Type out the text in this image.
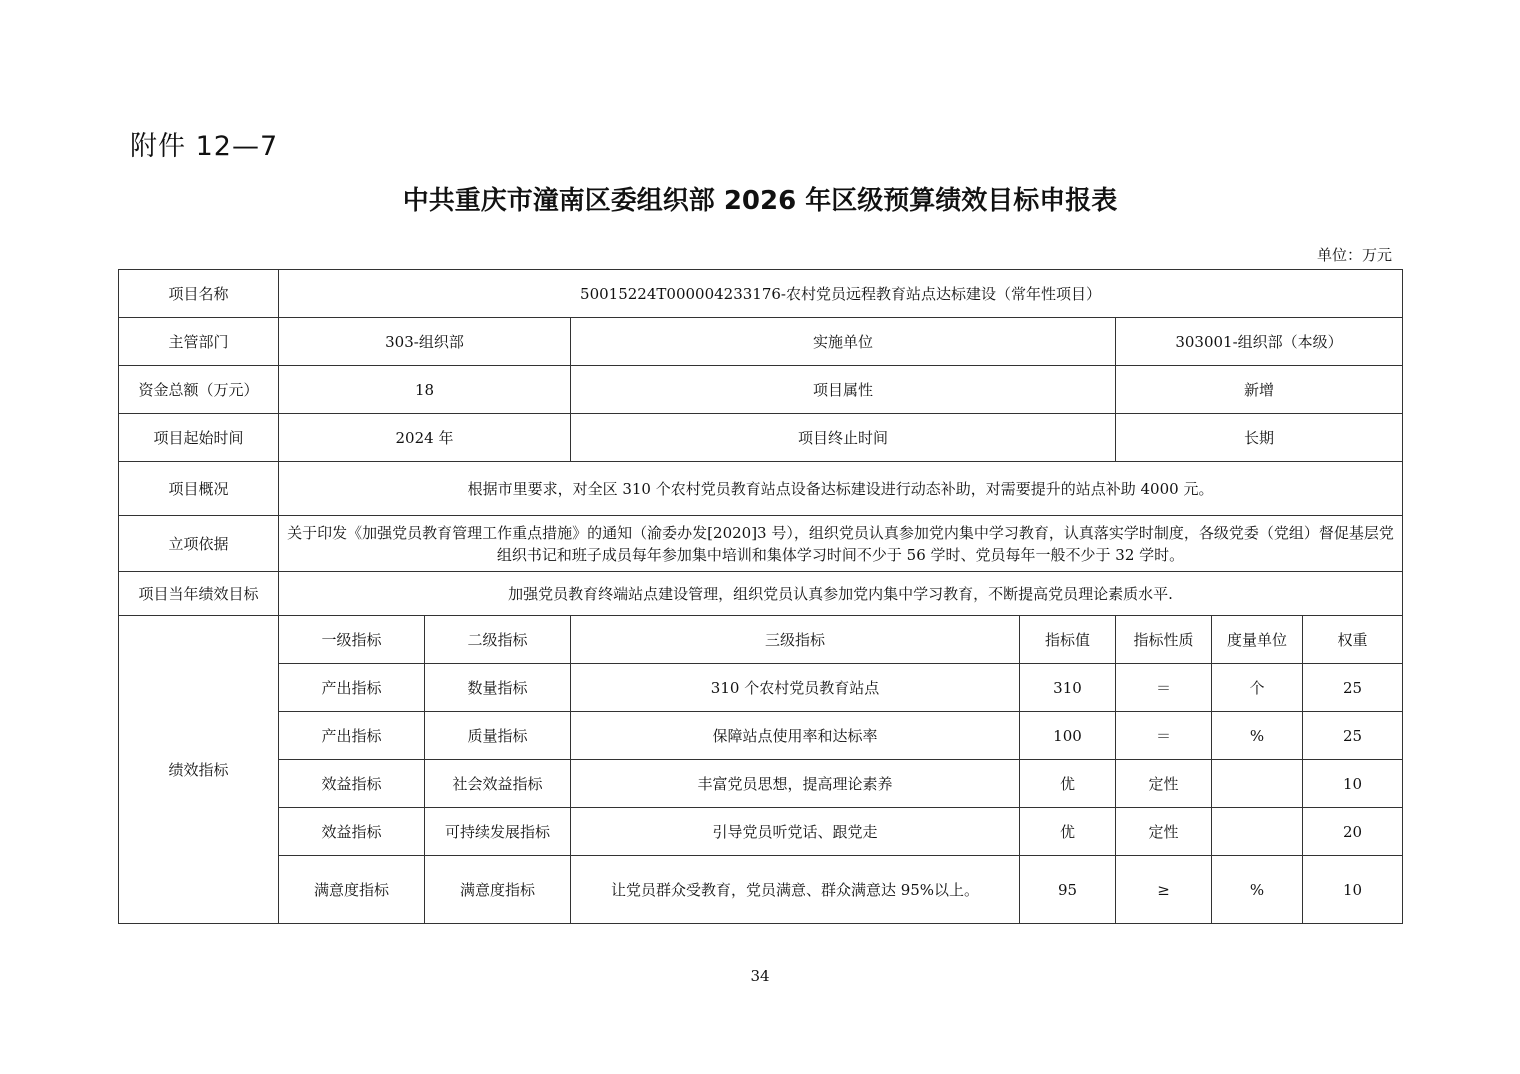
附件 12—7
中共重庆市潼南区委组织部 2026 年区级预算绩效目标申报表
单位：万元
项目名称	50015224T000004233176-农村党员远程教育站点达标建设（常年性项目）						
主管部门	303-组织部		实施单位		303001-组织部（本级）		
资金总额（万元）	18		项目属性		新增		
项目起始时间	2024 年		项目终止时间		长期		
项目概况	根据市里要求，对全区 310 个农村党员教育站点设备达标建设进行动态补助，对需要提升的站点补助 4000 元。						
立项依据	关于印发《加强党员教育管理工作重点措施》的通知（渝委办发[2020]3 号），组织党员认真参加党内集中学习教育，认真落实学时制度，各级党委（党组）督促基层党组织书记和班子成员每年参加集中培训和集体学习时间不少于 56 学时、党员每年一般不少于 32 学时。						
项目当年绩效目标	加强党员教育终端站点建设管理，组织党员认真参加党内集中学习教育，不断提高党员理论素质水平.						
绩效指标	一级指标	二级指标	三级指标	指标值	指标性质	度量单位	权重
	产出指标	数量指标	310 个农村党员教育站点	310	＝	个	25
	产出指标	质量指标	保障站点使用率和达标率	100	＝	%	25
	效益指标	社会效益指标	丰富党员思想，提高理论素养	优	定性		10
	效益指标	可持续发展指标	引导党员听党话、跟党走	优	定性		20
	满意度指标	满意度指标	让党员群众受教育，党员满意、群众满意达 95%以上。	95	≥	%	10
34
